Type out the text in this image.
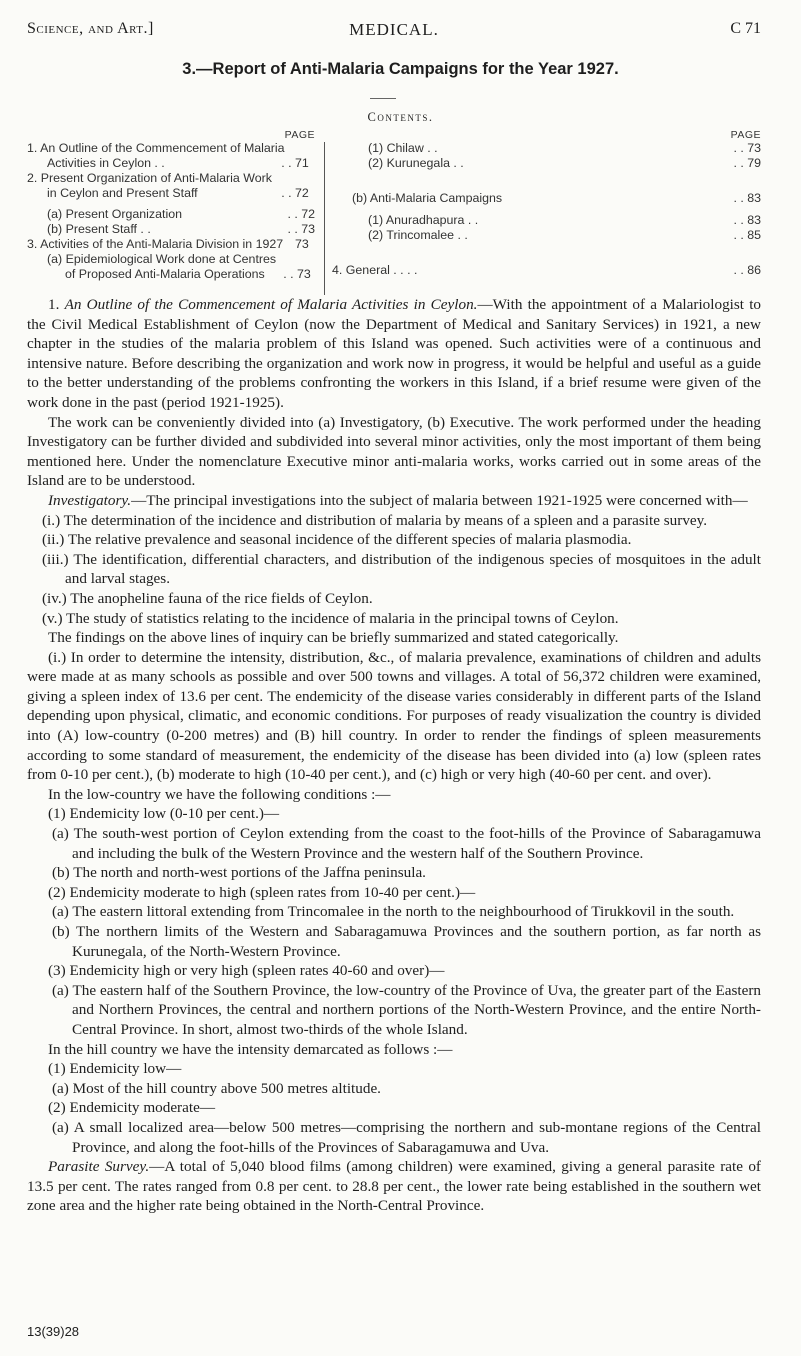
Science, and Art.]	MEDICAL.	C 71
3.—Report of Anti-Malaria Campaigns for the Year 1927.
Contents.
PAGE
1. An Outline of the Commencement of Malaria Activities in Ceylon . .	. . 71
2. Present Organization of Anti-Malaria Work in Ceylon and Present Staff	. . 72
(a) Present Organization	. . 72
(b) Present Staff . .	. . 73
3. Activities of the Anti-Malaria Division in 1927 73
(a) Epidemiological Work done at Centres of Proposed Anti-Malaria Operations	. . 73
PAGE
(1) Chilaw . .	. . 73
(2) Kurunegala . .	. . 79
(b) Anti-Malaria Campaigns	. . 83
(1) Anuradhapura . .	. . 83
(2) Trincomalee . .	. . 85
4. General . . . .	. . 86

1. An Outline of the Commencement of Malaria Activities in Ceylon.—With the appointment of a Malariologist to the Civil Medical Establishment of Ceylon (now the Department of Medical and Sanitary Services) in 1921, a new chapter in the studies of the malaria problem of this Island was opened. Such activities were of a continuous and intensive nature. Before describing the organization and work now in progress, it would be helpful and useful as a guide to the better understanding of the problems confronting the workers in this Island, if a brief resume were given of the work done in the past (period 1921-1925).

The work can be conveniently divided into (a) Investigatory, (b) Executive. The work performed under the heading Investigatory can be further divided and subdivided into several minor activities, only the most important of them being mentioned here. Under the nomenclature Executive minor anti-malaria works, works carried out in some areas of the Island are to be understood.

Investigatory.—The principal investigations into the subject of malaria between 1921-1925 were concerned with—

(i.) The determination of the incidence and distribution of malaria by means of a spleen and a parasite survey.

(ii.) The relative prevalence and seasonal incidence of the different species of malaria plasmodia.

(iii.) The identification, differential characters, and distribution of the indigenous species of mosquitoes in the adult and larval stages.

(iv.) The anopheline fauna of the rice fields of Ceylon.

(v.) The study of statistics relating to the incidence of malaria in the principal towns of Ceylon.

The findings on the above lines of inquiry can be briefly summarized and stated categorically.

(i.) In order to determine the intensity, distribution, &c., of malaria prevalence, examinations of children and adults were made at as many schools as possible and over 500 towns and villages. A total of 56,372 children were examined, giving a spleen index of 13.6 per cent. The endemicity of the disease varies considerably in different parts of the Island depending upon physical, climatic, and economic conditions. For purposes of ready visualization the country is divided into (A) low-country (0-200 metres) and (B) hill country. In order to render the findings of spleen measurements according to some standard of measurement, the endemicity of the disease has been divided into (a) low (spleen rates from 0-10 per cent.), (b) moderate to high (10-40 per cent.), and (c) high or very high (40-60 per cent. and over).

In the low-country we have the following conditions :—

(1) Endemicity low (0-10 per cent.)—

(a) The south-west portion of Ceylon extending from the coast to the foot-hills of the Province of Sabaragamuwa and including the bulk of the Western Province and the western half of the Southern Province.

(b) The north and north-west portions of the Jaffna peninsula.

(2) Endemicity moderate to high (spleen rates from 10-40 per cent.)—

(a) The eastern littoral extending from Trincomalee in the north to the neighbourhood of Tirukkovil in the south.

(b) The northern limits of the Western and Sabaragamuwa Provinces and the southern portion, as far north as Kurunegala, of the North-Western Province.

(3) Endemicity high or very high (spleen rates 40-60 and over)—

(a) The eastern half of the Southern Province, the low-country of the Province of Uva, the greater part of the Eastern and Northern Provinces, the central and northern portions of the North-Western Province, and the entire North-Central Province. In short, almost two-thirds of the whole Island.

In the hill country we have the intensity demarcated as follows :—

(1) Endemicity low—

(a) Most of the hill country above 500 metres altitude.

(2) Endemicity moderate—

(a) A small localized area—below 500 metres—comprising the northern and sub-montane regions of the Central Province, and along the foot-hills of the Provinces of Sabaragamuwa and Uva.

Parasite Survey.—A total of 5,040 blood films (among children) were examined, giving a general parasite rate of 13.5 per cent. The rates ranged from 0.8 per cent. to 28.8 per cent., the lower rate being established in the southern wet zone area and the higher rate being obtained in the North-Central Province.

13(39)28
